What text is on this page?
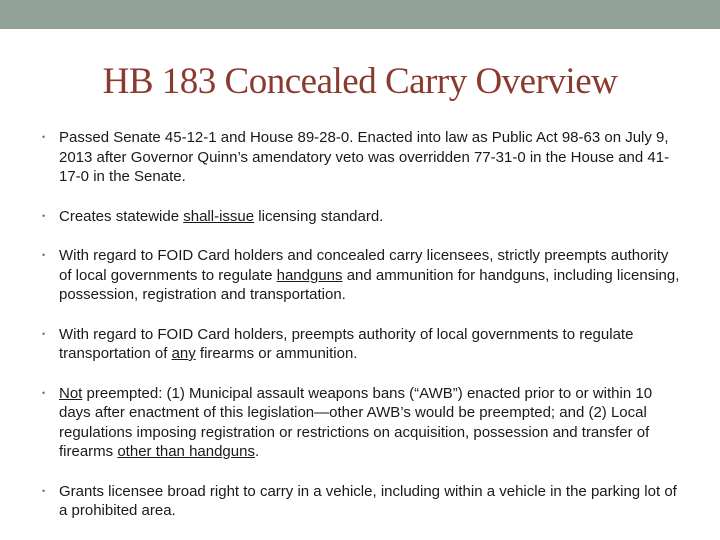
HB 183 Concealed Carry Overview
• Passed Senate 45-12-1 and House 89-28-0. Enacted into law as Public Act 98-63 on July 9, 2013 after Governor Quinn’s amendatory veto was overridden 77-31-0 in the House and 41-17-0 in the Senate.
• Creates statewide shall-issue licensing standard.
• With regard to FOID Card holders and concealed carry licensees, strictly preempts authority of local governments to regulate handguns and ammunition for handguns, including licensing, possession, registration and transportation.
• With regard to FOID Card holders, preempts authority of local governments to regulate transportation of any firearms or ammunition.
• Not preempted: (1) Municipal assault weapons bans (“AWB”) enacted prior to or within 10 days after enactment of this legislation—other AWB’s would be preempted; and (2) Local regulations imposing registration or restrictions on acquisition, possession and transfer of firearms other than handguns.
• Grants licensee broad right to carry in a vehicle, including within a vehicle in the parking lot of a prohibited area.
